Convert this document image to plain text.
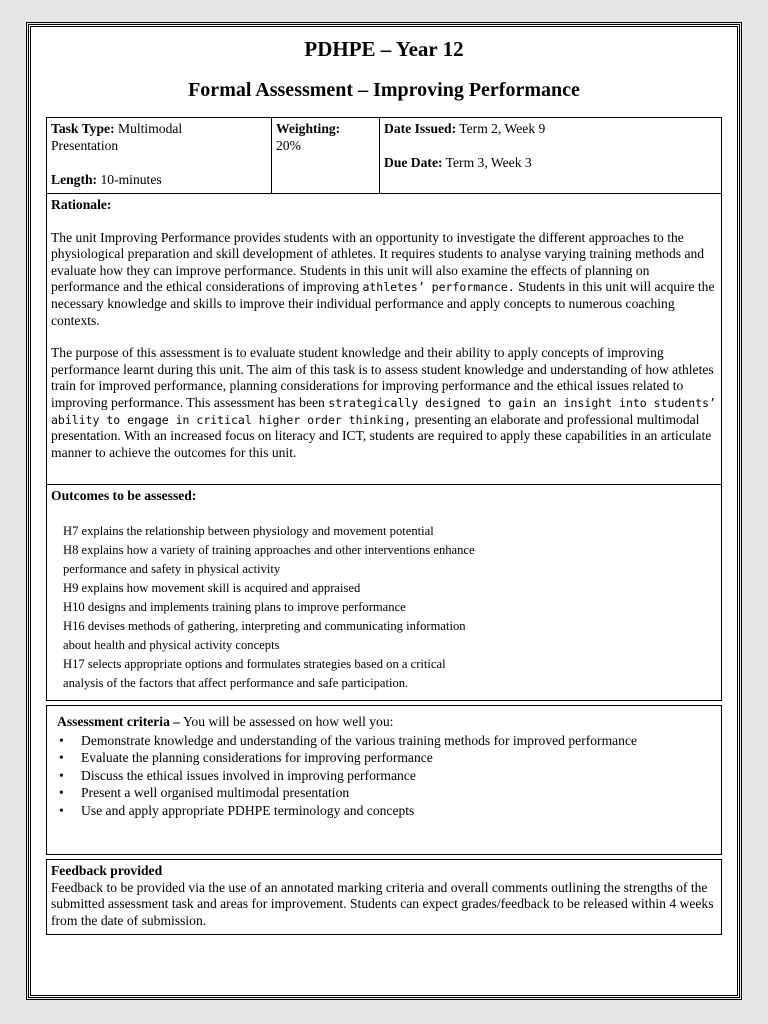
PDHPE – Year 12
Formal Assessment – Improving Performance
Task Type: Multimodal
Presentation
Length: 10-minutes
Weighting:
20%
Date Issued: Term 2, Week 9
Due Date: Term 3, Week 3
Rationale:

The unit Improving Performance provides students with an opportunity to investigate the different approaches to the physiological preparation and skill development of athletes. It requires students to analyse varying training methods and evaluate how they can improve performance. Students in this unit will also examine the effects of planning on performance and the ethical considerations of improving athletes’ performance. Students in this unit will acquire the necessary knowledge and skills to improve their individual performance and apply concepts to numerous coaching contexts.

The purpose of this assessment is to evaluate student knowledge and their ability to apply concepts of improving performance learnt during this unit. The aim of this task is to assess student knowledge and understanding of how athletes train for improved performance, planning considerations for improving performance and the ethical issues related to improving performance. This assessment has been strategically designed to gain an insight into students’ ability to engage in critical higher order thinking, presenting an elaborate and professional multimodal presentation. With an increased focus on literacy and ICT, students are required to apply these capabilities in an articulate manner to achieve the outcomes for this unit.

Outcomes to be assessed:
H7 explains the relationship between physiology and movement potential
H8 explains how a variety of training approaches and other interventions enhance
performance and safety in physical activity
H9 explains how movement skill is acquired and appraised
H10 designs and implements training plans to improve performance
H16 devises methods of gathering, interpreting and communicating information
about health and physical activity concepts
H17 selects appropriate options and formulates strategies based on a critical
analysis of the factors that affect performance and safe participation.
Assessment criteria – You will be assessed on how well you:
• Demonstrate knowledge and understanding of the various training methods for improved performance
• Evaluate the planning considerations for improving performance
• Discuss the ethical issues involved in improving performance
• Present a well organised multimodal presentation
• Use and apply appropriate PDHPE terminology and concepts
Feedback provided

Feedback to be provided via the use of an annotated marking criteria and overall comments outlining the strengths of the submitted assessment task and areas for improvement. Students can expect grades/feedback to be released within 4 weeks from the date of submission.
